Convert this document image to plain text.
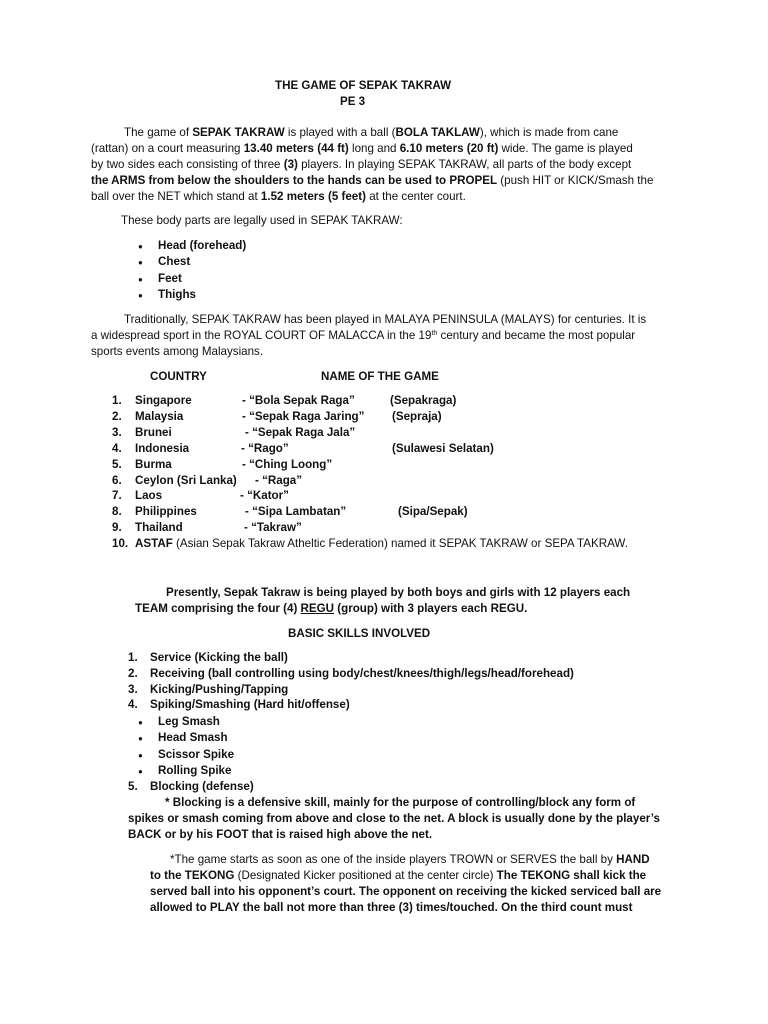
THE GAME OF SEPAK TAKRAW
PE 3
The game of SEPAK TAKRAW is played with a ball (BOLA TAKLAW), which is made from cane
(rattan) on a court measuring 13.40 meters (44 ft) long and 6.10 meters (20 ft) wide. The game is played
by two sides each consisting of three (3) players. In playing SEPAK TAKRAW, all parts of the body except
the ARMS from below the shoulders to the hands can be used to PROPEL (push HIT or KICK/Smash the
ball over the NET which stand at 1.52 meters (5 feet) at the center court.
These body parts are legally used in SEPAK TAKRAW:
● Head (forehead)
● Chest
● Feet
● Thighs
Traditionally, SEPAK TAKRAW has been played in MALAYA PENINSULA (MALAYS) for centuries. It is
a widespread sport in the ROYAL COURT OF MALACCA in the 19th century and became the most popular
sports events among Malaysians.
COUNTRY	NAME OF THE GAME
1. Singapore	- “Bola Sepak Raga”	(Sepakraga)
2. Malaysia	- “Sepak Raga Jaring” (Sepraja)
3. Brunei	- “Sepak Raga Jala”
4. Indonesia	- “Rago”	(Sulawesi Selatan)
5. Burma	- “Ching Loong”
6. Ceylon (Sri Lanka) - “Raga”
7. Laos	- “Kator”
8. Philippines	- “Sipa Lambatan”	(Sipa/Sepak)
9. Thailand	- “Takraw”
10. ASTAF (Asian Sepak Takraw Atheltic Federation) named it SEPAK TAKRAW or SEPA TAKRAW.
Presently, Sepak Takraw is being played by both boys and girls with 12 players each
TEAM comprising the four (4) REGU (group) with 3 players each REGU.
BASIC SKILLS INVOLVED
1. Service (Kicking the ball)
2. Receiving (ball controlling using body/chest/knees/thigh/legs/head/forehead)
3. Kicking/Pushing/Tapping
4. Spiking/Smashing (Hard hit/offense)
● Leg Smash
● Head Smash
● Scissor Spike
● Rolling Spike
5. Blocking (defense)
* Blocking is a defensive skill, mainly for the purpose of controlling/block any form of
spikes or smash coming from above and close to the net. A block is usually done by the player’s
BACK or by his FOOT that is raised high above the net.
*The game starts as soon as one of the inside players TROWN or SERVES the ball by HAND
to the TEKONG (Designated Kicker positioned at the center circle) The TEKONG shall kick the
served ball into his opponent’s court. The opponent on receiving the kicked serviced ball are
allowed to PLAY the ball not more than three (3) times/touched. On the third count must
